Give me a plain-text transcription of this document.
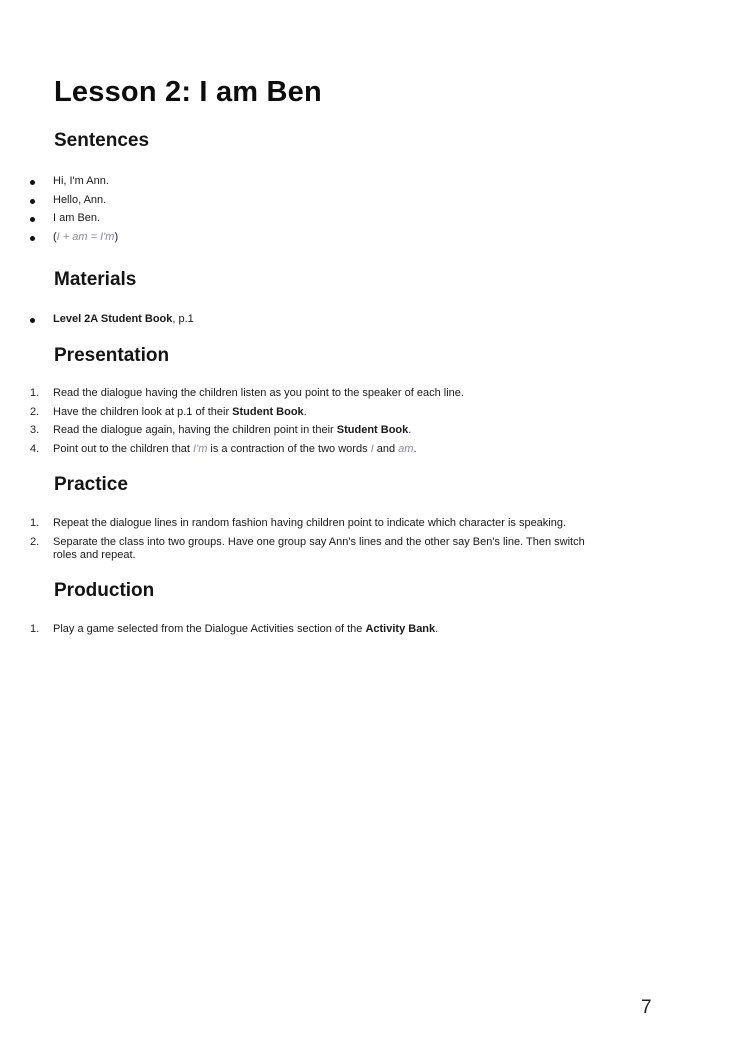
Lesson 2: I am Ben
Sentences
Hi, I'm Ann.
Hello, Ann.
I am Ben.
(I + am = I'm)
Materials
Level 2A Student Book, p.1
Presentation
1. Read the dialogue having the children listen as you point to the speaker of each line.
2. Have the children look at p.1 of their Student Book.
3. Read the dialogue again, having the children point in their Student Book.
4. Point out to the children that I'm is a contraction of the two words I and am.
Practice
1. Repeat the dialogue lines in random fashion having children point to indicate which character is speaking.
2. Separate the class into two groups. Have one group say Ann's lines and the other say Ben's line. Then switch roles and repeat.
Production
1. Play a game selected from the Dialogue Activities section of the Activity Bank.
7
